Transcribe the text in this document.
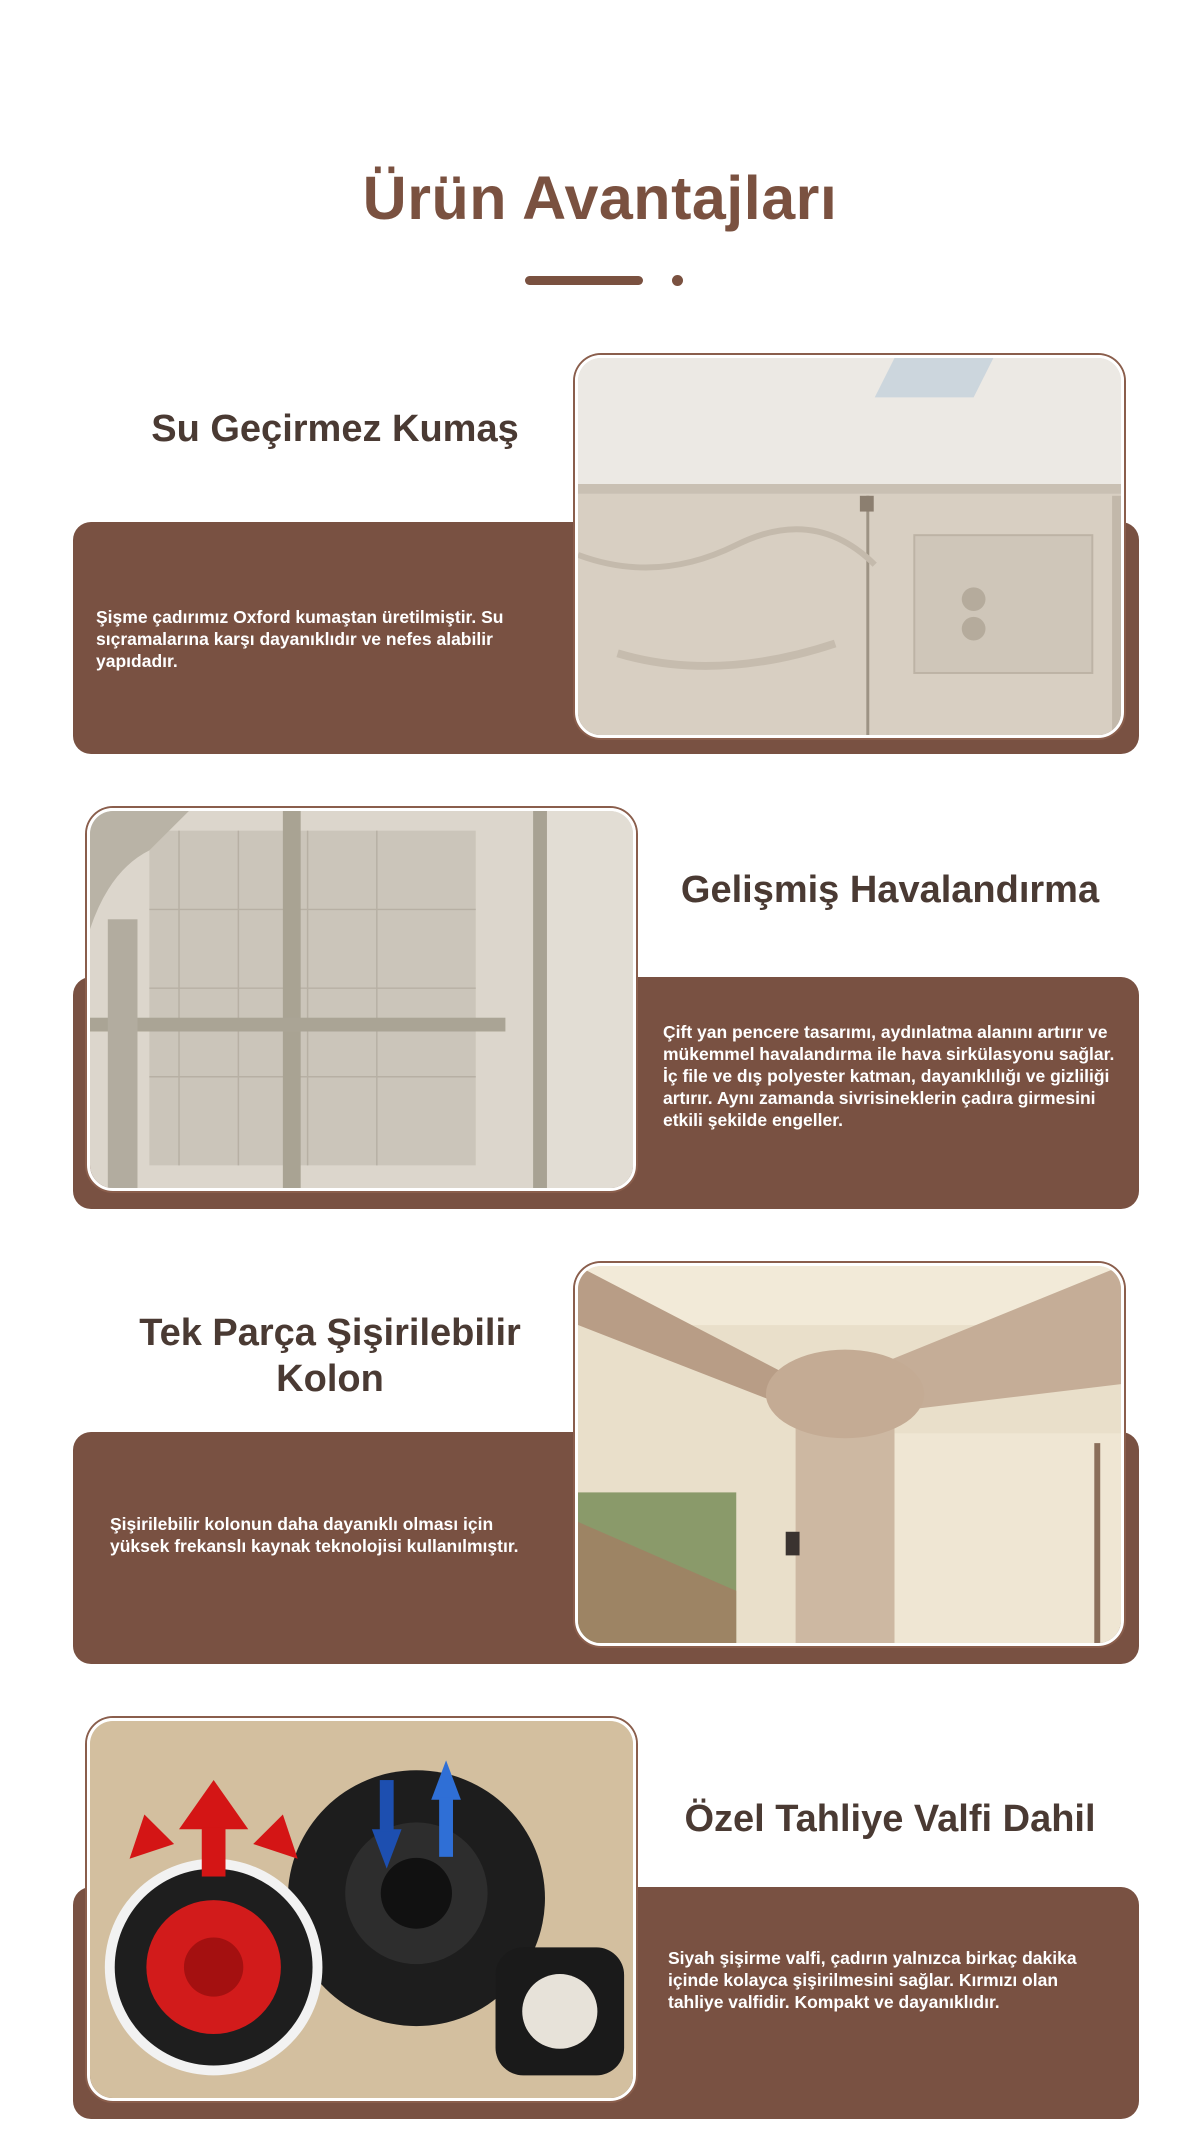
Ürün Avantajları
Su Geçirmez Kumaş
Şişme çadırımız Oxford kumaştan üretilmiştir. Su sıçramalarına karşı dayanıklıdır ve nefes alabilir yapıdadır.
Gelişmiş Havalandırma
Çift yan pencere tasarımı, aydınlatma alanını artırır ve mükemmel havalandırma ile hava sirkülasyonu sağlar. İç file ve dış polyester katman, dayanıklılığı ve gizliliği artırır. Aynı zamanda sivrisineklerin çadıra girmesini etkili şekilde engeller.
Tek Parça Şişirilebilir Kolon
Şişirilebilir kolonun daha dayanıklı olması için yüksek frekanslı kaynak teknolojisi kullanılmıştır.
Özel Tahliye Valfi Dahil
Siyah şişirme valfi, çadırın yalnızca birkaç dakika içinde kolayca şişirilmesini sağlar. Kırmızı olan tahliye valfidir. Kompakt ve dayanıklıdır.
